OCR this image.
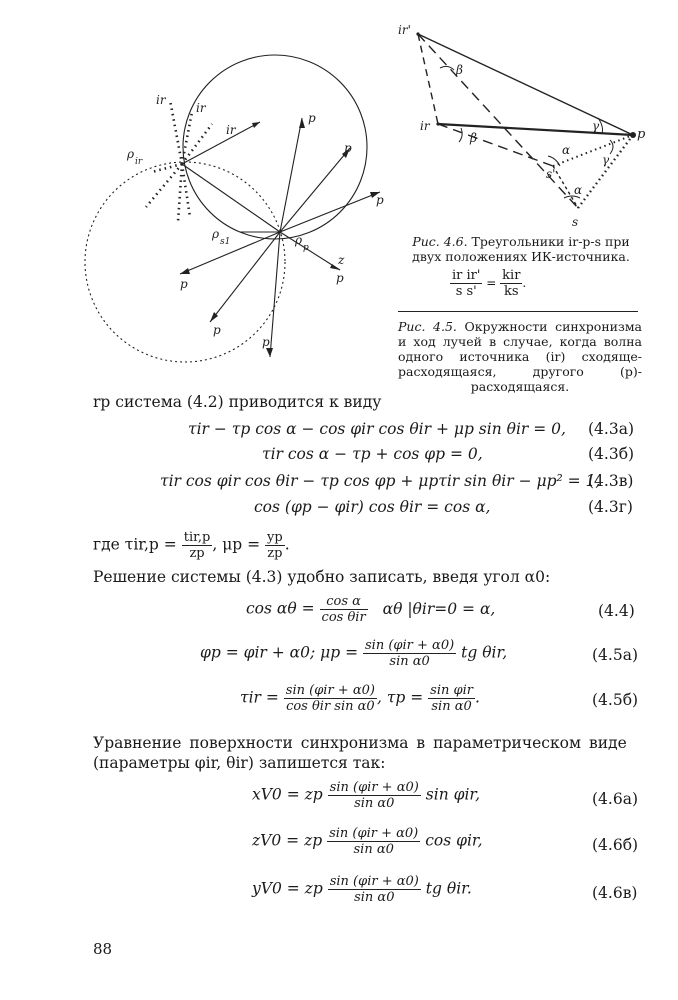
ir
ir
ir
ρ
ir
ρ
s1	ρ
p
z
p
p
p
p
p
p
p
ir'
ir
p
s'
s
β
β
γ
γ
α
α
Рис. 4.6. Треугольники ir-p-s при двух положениях ИК-источника.
$\frac{\text{ir ir'}}{\text{s s'}} = \frac{\text{kir}}{ks}$ .
Рис. 4.5. Окружности синхронизма и ход лучей в случае, когда волна одного источника (ir) сходяще-расходящаяся, другого (p)-расходящаяся.
rp система (4.2) приводится к виду
τir − τp cos α − cos φir cos θir + μp sin θir = 0, (4.3a)
τir cos α − τp + cos φp = 0,	(4.3б)
τir cos φir cos θir − τp cos φp + μpτir sin θir − μp² = 1,
(4.3в)
cos (φp − φir) cos θir = cos α,	(4.3г)
где $\tau ir,p = \frac{\text{tir,p}}{zp}$ , $\mu p = \frac{yp}{zp}$ .
Решение системы (4.3) удобно записать, введя угол α0:
$\cos \alpha\theta = \frac{\text{cos α}}{\text{cos θir}}$ αθ |θir=0 = α,	(4.4)
φp = φir + α0; $\mu p = \frac{\text{sin (φir + α0)}}{\text{sin α0}}$ tg θir,	(4.5a)
$\tau ir = \frac{\text{sin (φir + α0)}}{\text{cos θir sin α0}}$ , $\tau p = \frac{\text{sin φir}}{\text{sin α0}}$ .	(4.5б)
Уравнение поверхности синхронизма в параметрическом виде
(параметры φir, θir) запишется так:
xV0 = zp $\frac{\text{sin (φir + α0)}}{\text{sin α0}}$ sin φir,	(4.6a)
zV0 = zp $\frac{\text{sin (φir + α0)}}{\text{sin α0}}$ cos φir,	(4.6б)
yV0 = zp $\frac{\text{sin (φir + α0)}}{\text{sin α0}}$ tg θir.	(4.6в)
88
